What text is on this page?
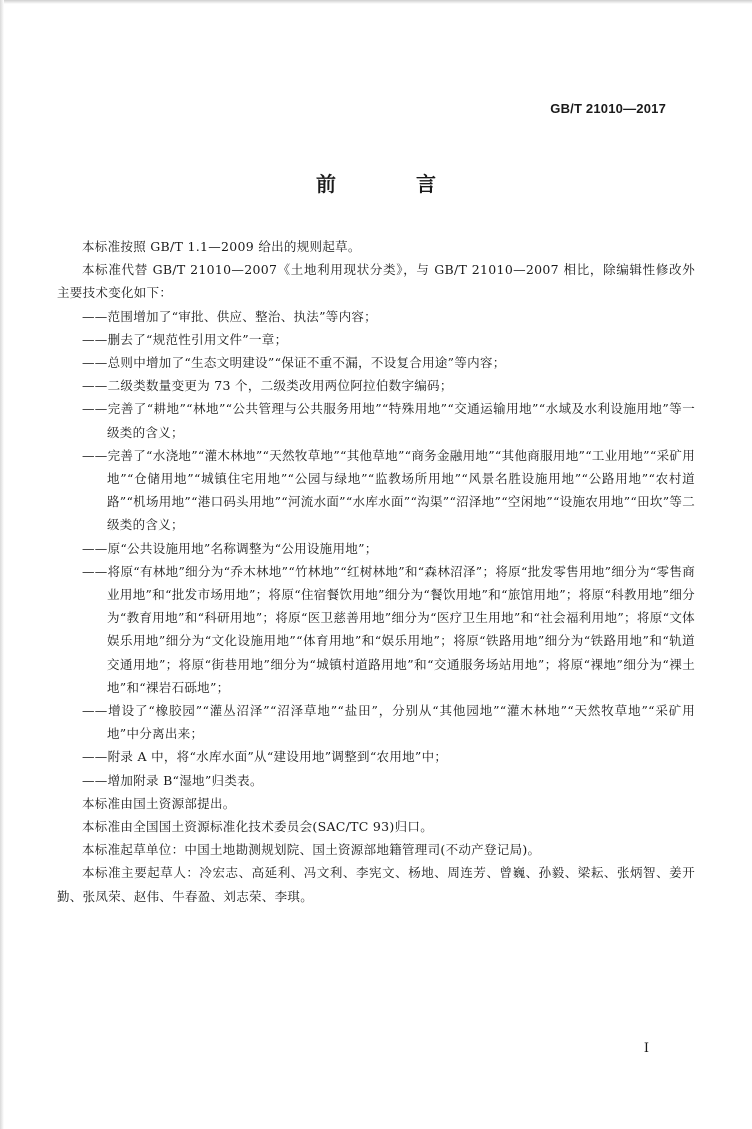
GB/T 21010—2017
前　言

本标准按照 GB/T 1.1—2009 给出的规则起草。

本标准代替 GB/T 21010—2007《土地利用现状分类》，与 GB/T 21010—2007 相比，除编辑性修改外主要技术变化如下：

——范围增加了“审批、供应、整治、执法”等内容；

——删去了“规范性引用文件”一章；

——总则中增加了“生态文明建设”“保证不重不漏，不设复合用途”等内容；

——二级类数量变更为 73 个，二级类改用两位阿拉伯数字编码；

——完善了“耕地”“林地”“公共管理与公共服务用地”“特殊用地”“交通运输用地”“水域及水利设施用地”等一级类的含义；

——完善了“水浇地”“灌木林地”“天然牧草地”“其他草地”“商务金融用地”“其他商服用地”“工业用地”“采矿用地”“仓储用地”“城镇住宅用地”“公园与绿地”“监教场所用地”“风景名胜设施用地”“公路用地”“农村道路”“机场用地”“港口码头用地”“河流水面”“水库水面”“沟渠”“沼泽地”“空闲地”“设施农用地”“田坎”等二级类的含义；

——原“公共设施用地”名称调整为“公用设施用地”；

——将原“有林地”细分为“乔木林地”“竹林地”“红树林地”和“森林沼泽”；将原“批发零售用地”细分为“零售商业用地”和“批发市场用地”；将原“住宿餐饮用地”细分为“餐饮用地”和“旅馆用地”；将原“科教用地”细分为“教育用地”和“科研用地”；将原“医卫慈善用地”细分为“医疗卫生用地”和“社会福利用地”；将原“文体娱乐用地”细分为“文化设施用地”“体育用地”和“娱乐用地”；将原“铁路用地”细分为“铁路用地”和“轨道交通用地”；将原“街巷用地”细分为“城镇村道路用地”和“交通服务场站用地”；将原“裸地”细分为“裸土地”和“裸岩石砾地”；

——增设了“橡胶园”“灌丛沼泽”“沼泽草地”“盐田”，分别从“其他园地”“灌木林地”“天然牧草地”“采矿用地”中分离出来；

——附录 A 中，将“水库水面”从“建设用地”调整到“农用地”中；

——增加附录 B“湿地”归类表。

本标准由国土资源部提出。

本标准由全国国土资源标准化技术委员会(SAC/TC 93)归口。

本标准起草单位：中国土地勘测规划院、国土资源部地籍管理司(不动产登记局)。

本标准主要起草人：冷宏志、高延利、冯文利、李宪文、杨地、周连芳、曾巍、孙毅、梁耘、张炳智、姜开勤、张凤荣、赵伟、牛春盈、刘志荣、李琪。

I
